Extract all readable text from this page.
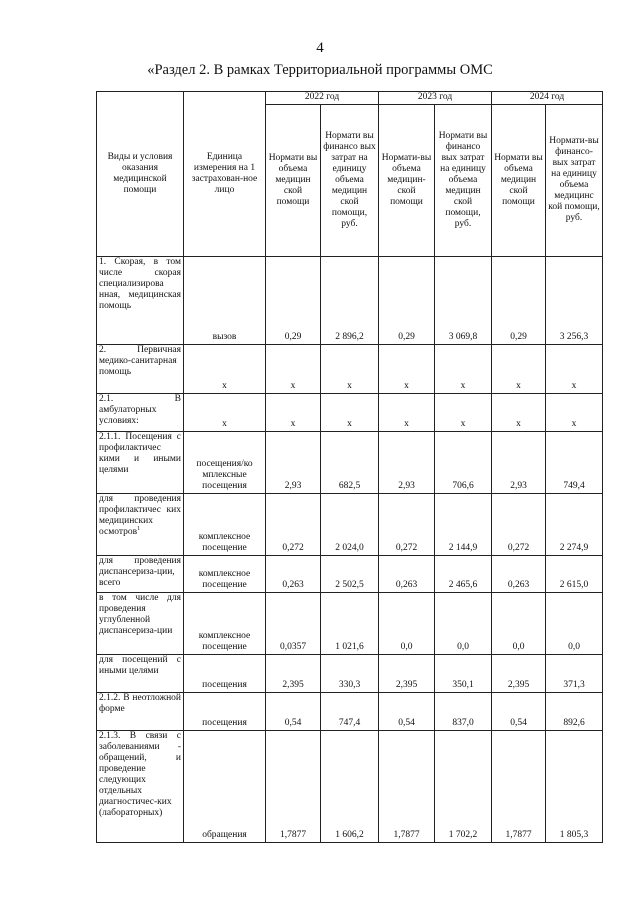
4
«Раздел 2. В рамках Территориальной программы ОМС
Виды и условия оказания медицинской помощи	Единица измерения на 1 застрахован-ное лицо	2022 год		2023 год		2024 год	
		Нормати вы объема медицин ской помощи	Нормати вы финансо вых затрат на единицу объема медицин ской помощи, руб.	Нормати-вы объема медицин-ской помощи	Нормати вы финансо вых затрат на единицу объема медицин ской помощи, руб.	Нормати вы объема медицин ской помощи	Нормати-вы финансо-вых затрат на единицу объема медицинс кой помощи, руб.
1. Скорая, в том числе скорая специализирова нная, медицинская помощь	вызов	0,29	2 896,2	0,29	3 069,8	0,29	3 256,3
2. Первичная медико-санитарная помощь	х	х	х	х	х	х	х
2.1. В амбулаторных условиях:	х	х	х	х	х	х	х
2.1.1. Посещения с профилактичес кими и иными целями	посещения/ко мплексные посещения	2,93	682,5	2,93	706,6	2,93	749,4
для проведения профилактичес ких медицинских осмотров$^1$	комплексное посещение	0,272	2 024,0	0,272	2 144,9	0,272	2 274,9
для проведения диспансериза-ции, всего	комплексное посещение	0,263	2 502,5	0,263	2 465,6	0,263	2 615,0
в том числе для проведения углубленной диспансериза-ции	комплексное посещение	0,0357	1 021,6	0,0	0,0	0,0	0,0
для посещений с иными целями	посещения	2,395	330,3	2,395	350,1	2,395	371,3
2.1.2. В неотложной форме	посещения	0,54	747,4	0,54	837,0	0,54	892,6
2.1.3. В связи с заболеваниями - обращений, и проведение следующих отдельных диагностичес-ких (лабораторных)	обращения	1,7877	1 606,2	1,7877	1 702,2	1,7877	1 805,3
